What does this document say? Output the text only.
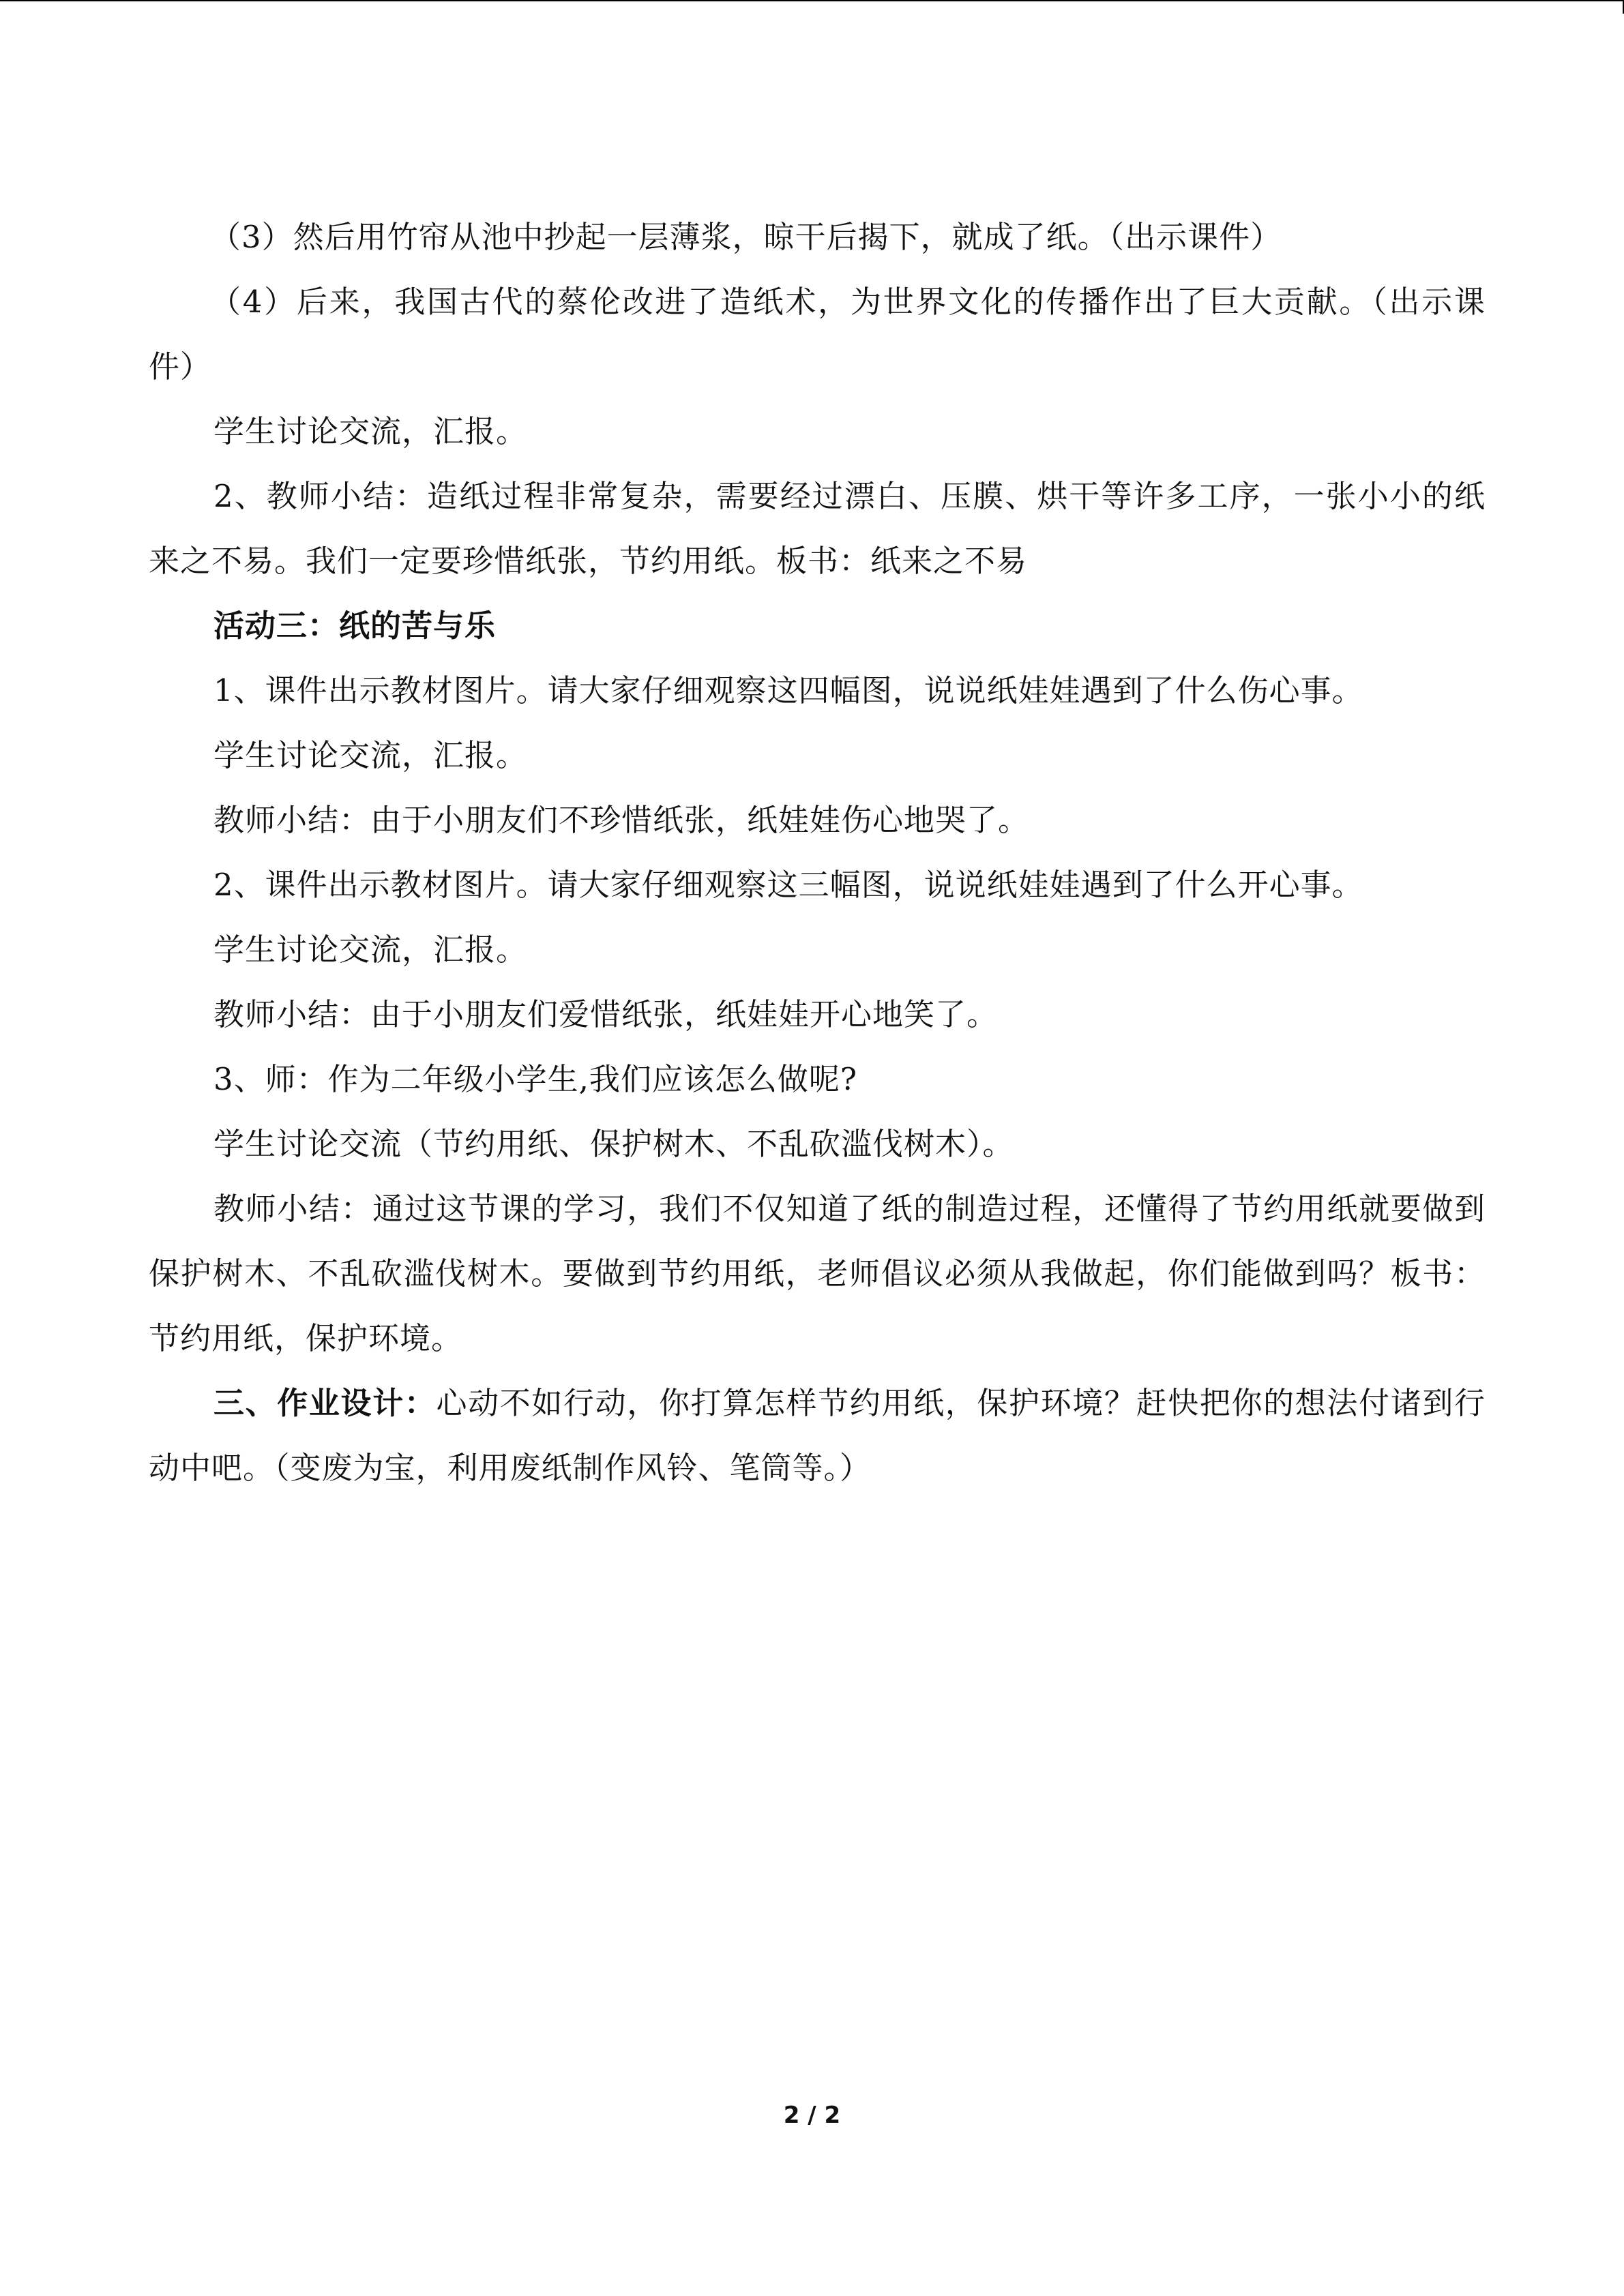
（3）然后用竹帘从池中抄起一层薄浆，晾干后揭下，就成了纸。（出示课件）

（4）后来，我国古代的蔡伦改进了造纸术，为世界文化的传播作出了巨大贡献。（出示课件）

学生讨论交流，汇报。

2、教师小结：造纸过程非常复杂，需要经过漂白、压膜、烘干等许多工序，一张小小的纸来之不易。我们一定要珍惜纸张，节约用纸。板书：纸来之不易

活动三：纸的苦与乐

1、课件出示教材图片。请大家仔细观察这四幅图，说说纸娃娃遇到了什么伤心事。

学生讨论交流，汇报。

教师小结：由于小朋友们不珍惜纸张，纸娃娃伤心地哭了。

2、课件出示教材图片。请大家仔细观察这三幅图，说说纸娃娃遇到了什么开心事。

学生讨论交流，汇报。

教师小结：由于小朋友们爱惜纸张，纸娃娃开心地笑了。

3、师：作为二年级小学生,我们应该怎么做呢?

学生讨论交流（节约用纸、保护树木、不乱砍滥伐树木）。

教师小结：通过这节课的学习，我们不仅知道了纸的制造过程，还懂得了节约用纸就要做到保护树木、不乱砍滥伐树木。要做到节约用纸，老师倡议必须从我做起，你们能做到吗？板书：节约用纸，保护环境。

三、作业设计：心动不如行动，你打算怎样节约用纸，保护环境？赶快把你的想法付诸到行动中吧。（变废为宝，利用废纸制作风铃、笔筒等。）

2 / 2
